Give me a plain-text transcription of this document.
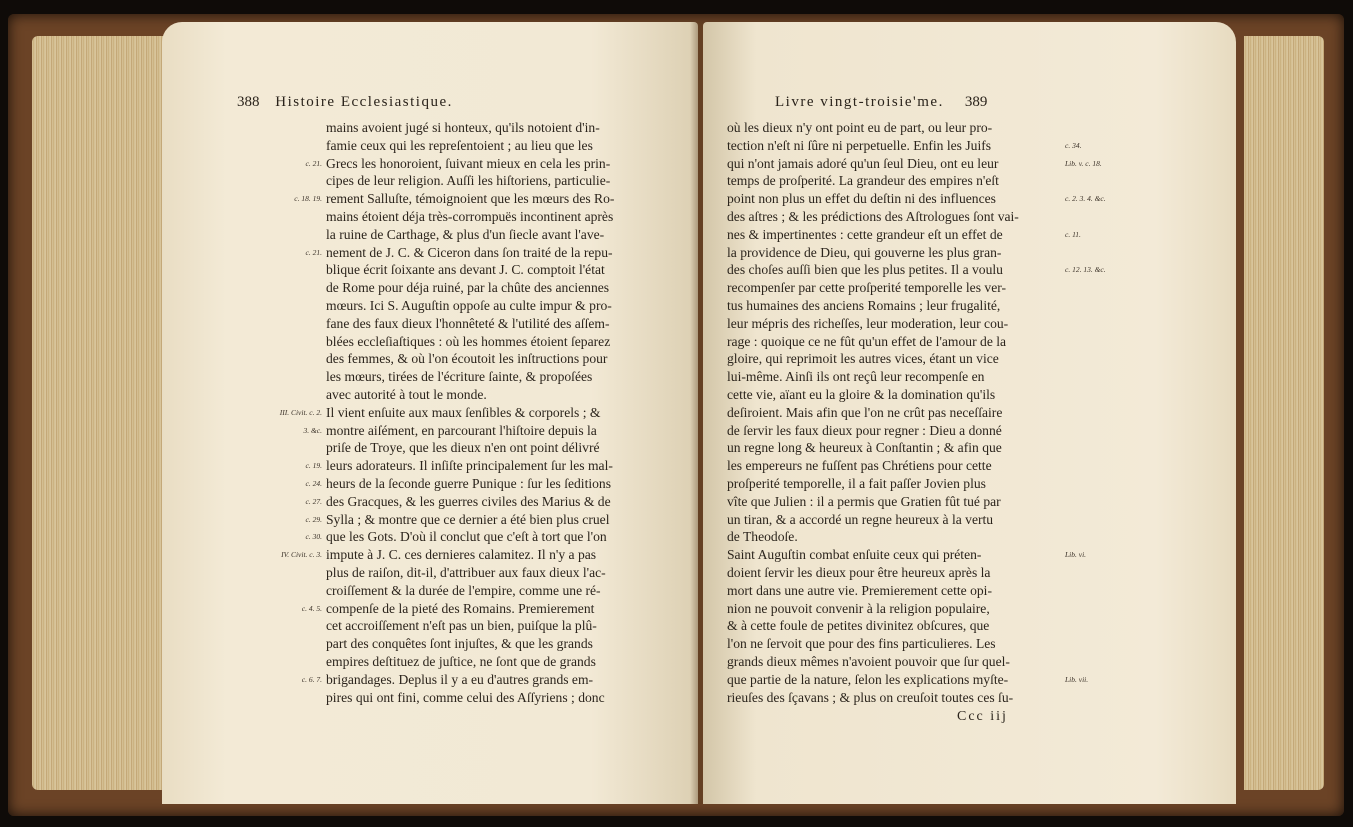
388 Histoire Ecclesiastique.
c. 21.
c. 18. 19.
c. 21.
III. Civit. c. 2.
3. &c.
c. 19.
c. 24.
c. 27.
c. 29.
c. 30.
IV. Civit. c. 3.
c. 4. 5.
c. 6. 7.
mains avoient jugé si honteux, qu'ils notoient d'in-
famie ceux qui les repreſentoient ; au lieu que les
Grecs les honoroient, ſuivant mieux en cela les prin-
cipes de leur religion. Auſſi les hiſtoriens, particulie-
rement Salluſte, témoignoient que les mœurs des Ro-
mains étoient déja très-corrompuës incontinent après
la ruine de Carthage, & plus d'un ſiecle avant l'ave-
nement de J. C. & Ciceron dans ſon traité de la repu-
blique écrit ſoixante ans devant J. C. comptoit l'état
de Rome pour déja ruiné, par la chûte des anciennes
mœurs. Ici S. Auguſtin oppoſe au culte impur & pro-
fane des faux dieux l'honnêteté & l'utilité des aſſem-
blées eccleſiaſtiques : où les hommes étoient ſeparez
des femmes, & où l'on écoutoit les inſtructions pour
les mœurs, tirées de l'écriture ſainte, & propoſées
avec autorité à tout le monde.
Il vient enſuite aux maux ſenſibles & corporels ; &
montre aiſément, en parcourant l'hiſtoire depuis la
priſe de Troye, que les dieux n'en ont point délivré
leurs adorateurs. Il inſiſte principalement ſur les mal-
heurs de la ſeconde guerre Punique : ſur les ſeditions
des Gracques, & les guerres civiles des Marius & de
Sylla ; & montre que ce dernier a été bien plus cruel
que les Gots. D'où il conclut que c'eſt à tort que l'on
impute à J. C. ces dernieres calamitez. Il n'y a pas
plus de raiſon, dit-il, d'attribuer aux faux dieux l'ac-
croiſſement & la durée de l'empire, comme une ré-
compenſe de la pieté des Romains. Premierement
cet accroiſſement n'eſt pas un bien, puiſque la plû-
part des conquêtes ſont injuſtes, & que les grands
empires deſtituez de juſtice, ne ſont que de grands
brigandages. Deplus il y a eu d'autres grands em-
pires qui ont fini, comme celui des Aſſyriens ; donc
Livre vingt-troisie'me. 389
où les dieux n'y ont point eu de part, ou leur pro-
tection n'eſt ni ſûre ni perpetuelle. Enfin les Juifs
qui n'ont jamais adoré qu'un ſeul Dieu, ont eu leur
temps de proſperité. La grandeur des empires n'eſt
point non plus un effet du deſtin ni des influences
des aſtres ; & les prédictions des Aſtrologues ſont vai-
nes & impertinentes : cette grandeur eſt un effet de
la providence de Dieu, qui gouverne les plus gran-
des choſes auſſi bien que les plus petites. Il a voulu
recompenſer par cette proſperité temporelle les ver-
tus humaines des anciens Romains ; leur frugalité,
leur mépris des richeſſes, leur moderation, leur cou-
rage : quoique ce ne fût qu'un effet de l'amour de la
gloire, qui reprimoit les autres vices, étant un vice
lui-même. Ainſi ils ont reçû leur recompenſe en
cette vie, aïant eu la gloire & la domination qu'ils
deſiroient. Mais afin que l'on ne crût pas neceſſaire
de ſervir les faux dieux pour regner : Dieu a donné
un regne long & heureux à Conſtantin ; & afin que
les empereurs ne fuſſent pas Chrétiens pour cette
proſperité temporelle, il a fait paſſer Jovien plus
vîte que Julien : il a permis que Gratien fût tué par
un tiran, & a accordé un regne heureux à la vertu
de Theodoſe.
Saint Auguſtin combat enſuite ceux qui préten-
doient ſervir les dieux pour être heureux après la
mort dans une autre vie. Premierement cette opi-
nion ne pouvoit convenir à la religion populaire,
& à cette foule de petites divinitez obſcures, que
l'on ne ſervoit que pour des fins particulieres. Les
grands dieux mêmes n'avoient pouvoir que ſur quel-
que partie de la nature, ſelon les explications myſte-
rieuſes des ſçavans ; & plus on creuſoit toutes ces ſu-
c. 34.
Lib. v. c. 18.
c. 2. 3. 4. &c.
c. 11.
c. 12. 13. &c.
Lib. vi.
Lib. vii.
Ccc iij
